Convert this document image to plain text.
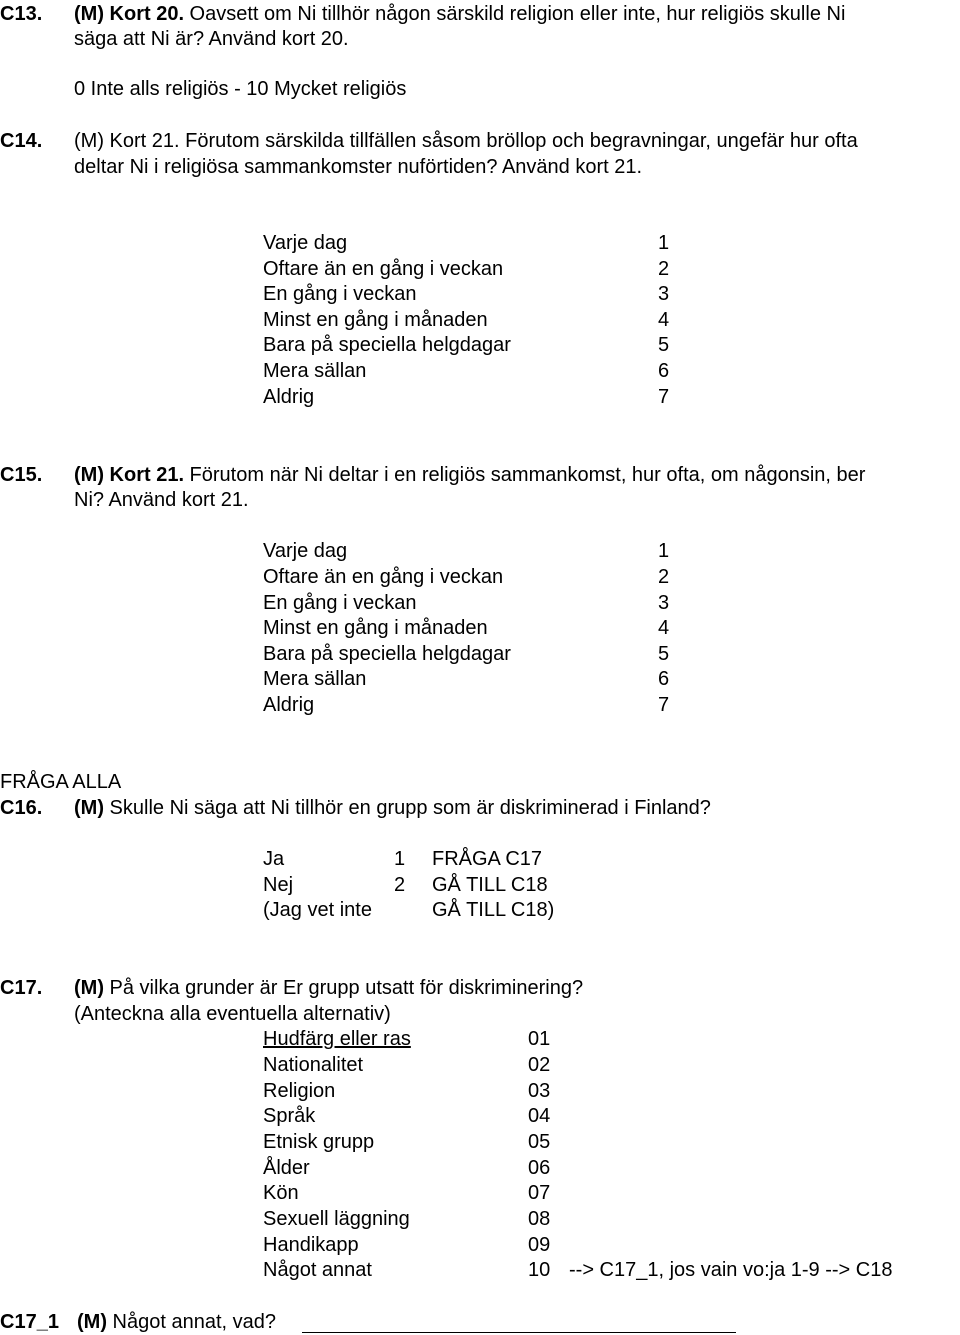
C13. (M) Kort 20. Oavsett om Ni tillhör någon särskild religion eller inte, hur religiös skulle Ni
säga att Ni är? Använd kort 20.
0 Inte alls religiös - 10 Mycket religiös
C14. (M) Kort 21. Förutom särskilda tillfällen såsom bröllop och begravningar, ungefär hur ofta
deltar Ni i religiösa sammankomster nuförtiden? Använd kort 21.
Varje dag	1
Oftare än en gång i veckan	2
En gång i veckan	3
Minst en gång i månaden	4
Bara på speciella helgdagar	5
Mera sällan	6
Aldrig	7
C15. (M) Kort 21. Förutom när Ni deltar i en religiös sammankomst, hur ofta, om någonsin, ber
Ni? Använd kort 21.
Varje dag	1
Oftare än en gång i veckan	2
En gång i veckan	3
Minst en gång i månaden	4
Bara på speciella helgdagar	5
Mera sällan	6
Aldrig	7
FRÅGA ALLA
C16. (M) Skulle Ni säga att Ni tillhör en grupp som är diskriminerad i Finland?
Ja	1 FRÅGA C17
Nej	2 GÅ TILL C18
(Jag vet inte	GÅ TILL C18)
C17. (M) På vilka grunder är Er grupp utsatt för diskriminering?
(Anteckna alla eventuella alternativ)
Hudfärg eller ras	01
Nationalitet	02
Religion	03
Språk	04
Etnisk grupp	05
Ålder	06
Kön	07
Sexuell läggning	08
Handikapp	09
Något annat	10 --> C17_1, jos vain vo:ja 1-9 --> C18
C17_1 (M) Något annat, vad?
